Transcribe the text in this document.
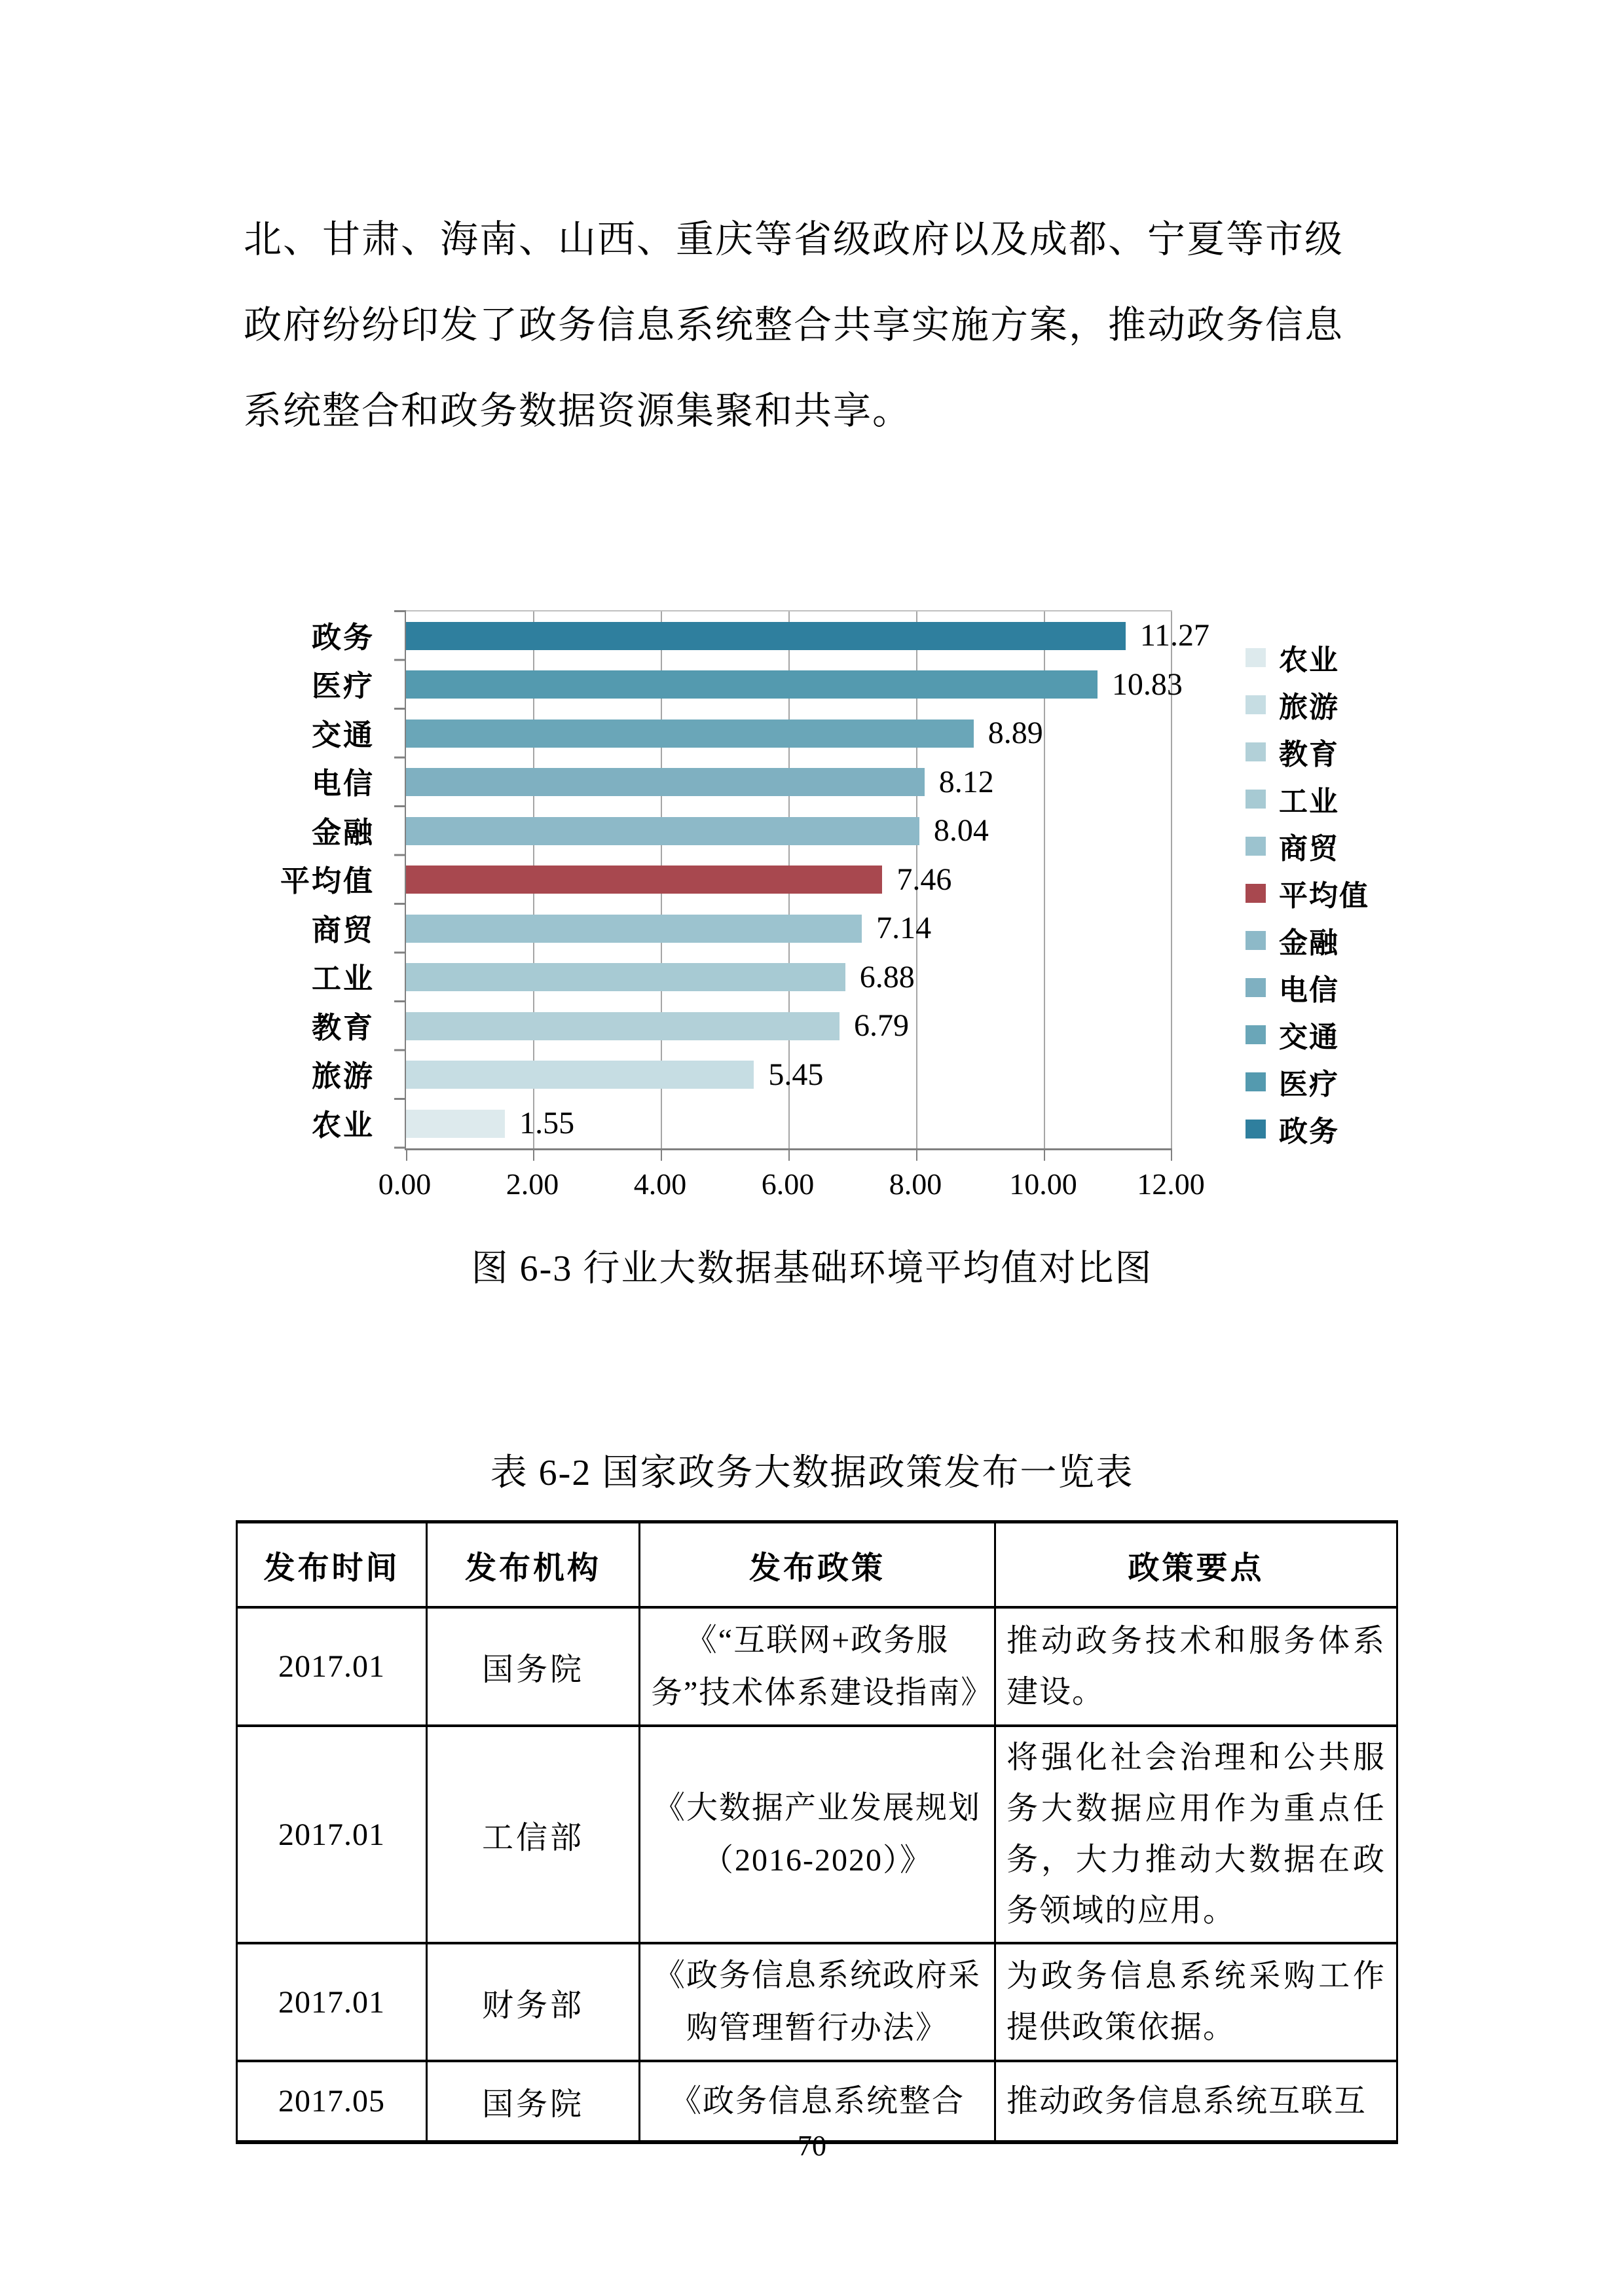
北、甘肃、海南、山西、重庆等省级政府以及成都、宁夏等市级
政府纷纷印发了政务信息系统整合共享实施方案，推动政务信息
系统整合和政务数据资源集聚和共享。
政务
医疗
交通
电信
金融
平均值
商贸
工业
教育
旅游
农业
11.27
10.83
8.89
8.12
8.04
7.46
7.14
6.88
6.79
5.45
1.55
0.00 2.00 4.00 6.00 8.00 10.00 12.00
农业
旅游
教育
工业
商贸
平均值
金融
电信
交通
医疗
政务
图 6-3 行业大数据基础环境平均值对比图
表 6-2 国家政务大数据政策发布一览表
发布时间	发布机构	发布政策	政策要点
2017.01	国务院	《“互联网+政务服务”技术体系建设指南》	推动政务技术和服务体系建设。
2017.01	工信部	《大数据产业发展规划（2016-2020）》	将强化社会治理和公共服务大数据应用作为重点任务，大力推动大数据在政务领域的应用。
2017.01	财务部	《政务信息系统政府采购管理暂行办法》	为政务信息系统采购工作提供政策依据。
2017.05	国务院	《政务信息系统整合	推动政务信息系统互联互
70
